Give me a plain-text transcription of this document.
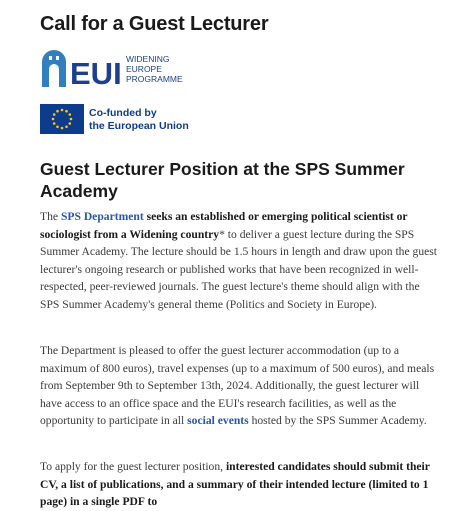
Call for a Guest Lecturer
EUI WIDENING
EUROPE
PROGRAMME
Co-funded by
the European Union
Guest Lecturer Position at the SPS Summer Academy

The SPS Department seeks an established or emerging political scientist or sociologist from a Widening country* to deliver a guest lecture during the SPS Summer Academy. The lecture should be 1.5 hours in length and draw upon the guest lecturer's ongoing research or published works that have been recognized in well-respected, peer-reviewed journals. The guest lecture's theme should align with the SPS Summer Academy's general theme (Politics and Society in Europe).

The Department is pleased to offer the guest lecturer accommodation (up to a maximum of 800 euros), travel expenses (up to a maximum of 500 euros), and meals from September 9th to September 13th, 2024. Additionally, the guest lecturer will have access to an office space and the EUI's research facilities, as well as the opportunity to participate in all social events hosted by the SPS Summer Academy.

To apply for the guest lecturer position, interested candidates should submit their CV, a list of publications, and a summary of their intended lecture (limited to 1 page) in a single PDF to
